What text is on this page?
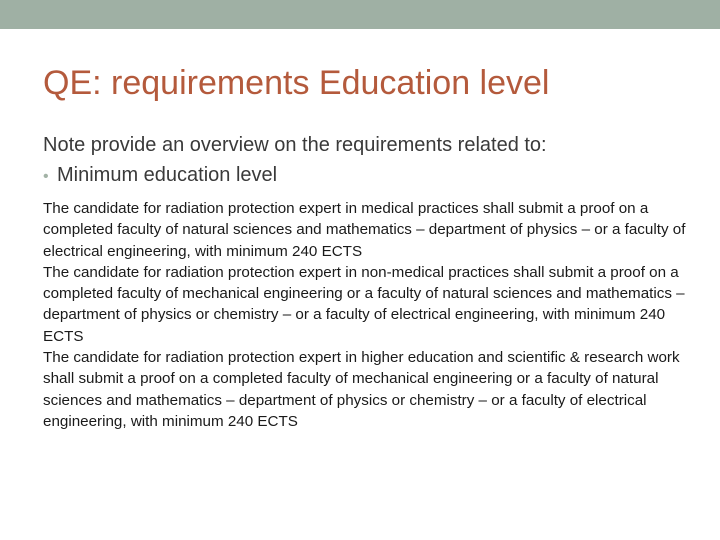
QE: requirements Education level

Note provide an overview on the requirements related to:

• Minimum education level

The candidate for radiation protection expert in medical practices shall submit a proof on a completed faculty of natural sciences and mathematics – department of physics – or a faculty of electrical engineering, with minimum 240 ECTS

The candidate for radiation protection expert in non-medical practices shall submit a proof on a completed faculty of mechanical engineering or a faculty of natural sciences and mathematics – department of physics or chemistry – or a faculty of electrical engineering, with minimum 240 ECTS

The candidate for radiation protection expert in higher education and scientific & research work shall submit a proof on a completed faculty of mechanical engineering or a faculty of natural sciences and mathematics – department of physics or chemistry – or a faculty of electrical engineering, with minimum 240 ECTS
